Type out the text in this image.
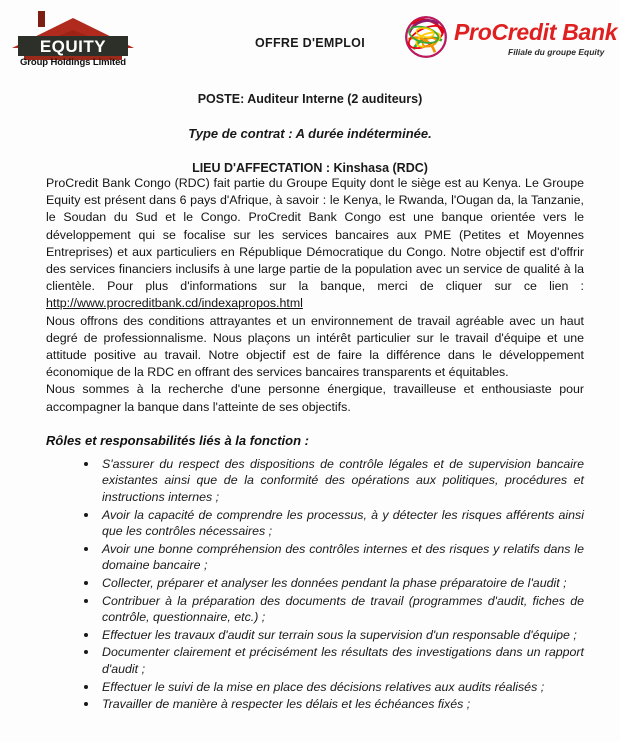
EQUITY
Group Holdings Limited
OFFRE D'EMPLOI	ProCredit Bank
Filiale du groupe Equity
POSTE: Auditeur Interne (2 auditeurs)
Type de contrat : A durée indéterminée.
LIEU D'AFFECTATION : Kinshasa (RDC)

ProCredit Bank Congo (RDC) fait partie du Groupe Equity dont le siège est au Kenya. Le Groupe Equity est présent dans 6 pays d'Afrique, à savoir : le Kenya, le Rwanda, l'Ougan da, la Tanzanie, le Soudan du Sud et le Congo. ProCredit Bank Congo est une banque orientée vers le développement qui se focalise sur les services bancaires aux PME (Petites et Moyennes Entreprises) et aux particuliers en République Démocratique du Congo. Notre objectif est d'offrir des services financiers inclusifs à une large partie de la population avec un service de qualité à la clientèle. Pour plus d'informations sur la banque, merci de cliquer sur ce lien : http://www.procreditbank.cd/indexapropos.html

Nous offrons des conditions attrayantes et un environnement de travail agréable avec un haut degré de professionnalisme. Nous plaçons un intérêt particulier sur le travail d'équipe et une attitude positive au travail. Notre objectif est de faire la différence dans le développement économique de la RDC en offrant des services bancaires transparents et équitables.

Nous sommes à la recherche d'une personne énergique, travailleuse et enthousiaste pour accompagner la banque dans l'atteinte de ses objectifs.

Rôles et responsabilités liés à la fonction :
S'assurer du respect des dispositions de contrôle légales et de supervision bancaire existantes ainsi que de la conformité des opérations aux politiques, procédures et instructions internes ;
Avoir la capacité de comprendre les processus, à y détecter les risques afférents ainsi que les contrôles nécessaires ;
Avoir une bonne compréhension des contrôles internes et des risques y relatifs dans le domaine bancaire ;
Collecter, préparer et analyser les données pendant la phase préparatoire de l'audit ;
Contribuer à la préparation des documents de travail (programmes d'audit, fiches de contrôle, questionnaire, etc.) ;
Effectuer les travaux d'audit sur terrain sous la supervision d'un responsable d'équipe ;
Documenter clairement et précisément les résultats des investigations dans un rapport d'audit ;
Effectuer le suivi de la mise en place des décisions relatives aux audits réalisés ;
Travailler de manière à respecter les délais et les échéances fixés ;
